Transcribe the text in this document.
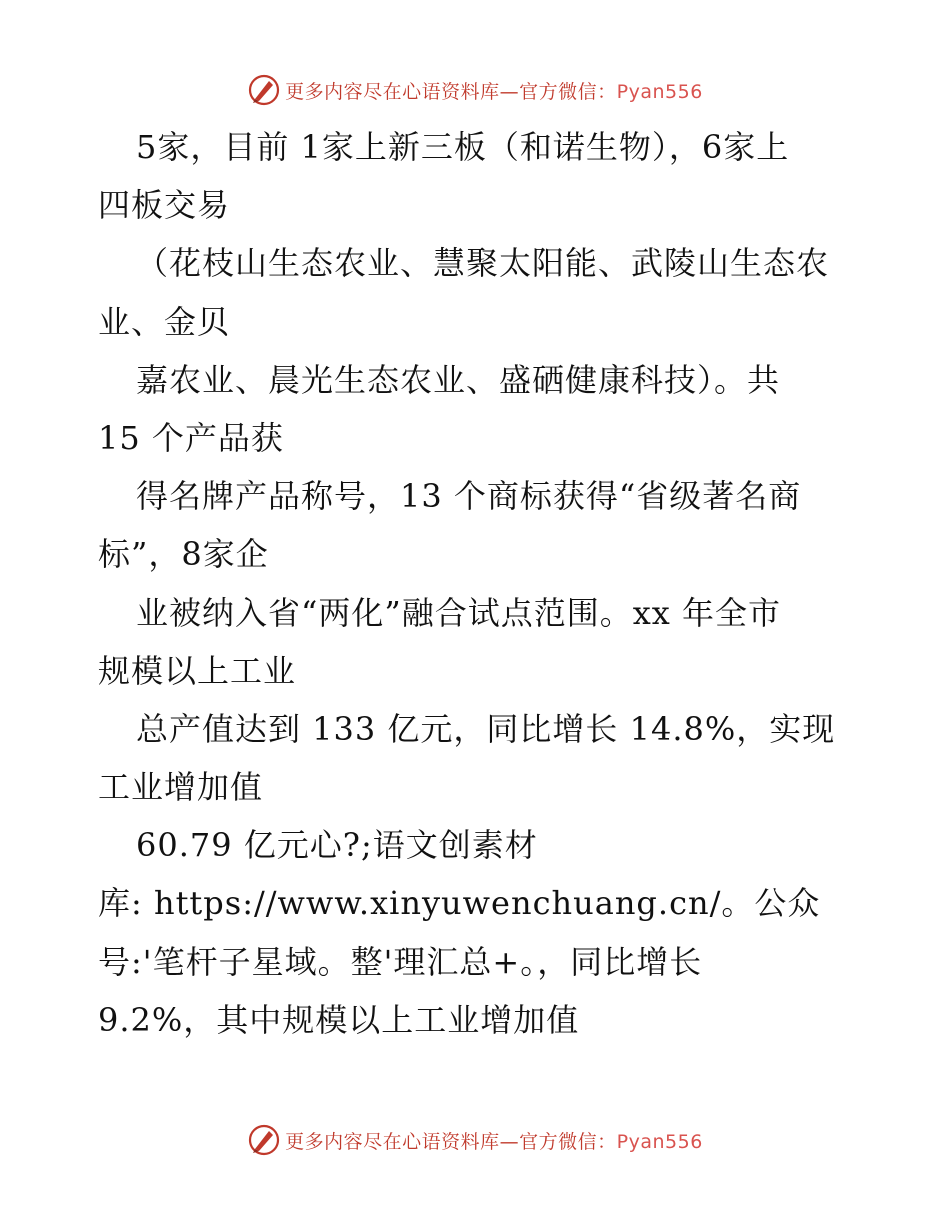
更多内容尽在心语资料库—官方微信：Pyan556
5家，目前 1家上新三板（和诺生物），6家上
四板交易
（花枝山生态农业、慧聚太阳能、武陵山生态农
业、金贝
嘉农业、晨光生态农业、盛硒健康科技）。共
15 个产品获
得名牌产品称号，13 个商标获得“省级著名商
标”，8家企
业被纳入省“两化”融合试点范围。xx 年全市
规模以上工业
总产值达到 133 亿元，同比增长 14.8%，实现
工业增加值
60.79 亿元心?;语文创素材
库: https://www.xinyuwenchuang.cn/。公众
号:'笔杆子星域。整'理汇总+。，同比增长
9.2%，其中规模以上工业增加值
更多内容尽在心语资料库—官方微信：Pyan556
